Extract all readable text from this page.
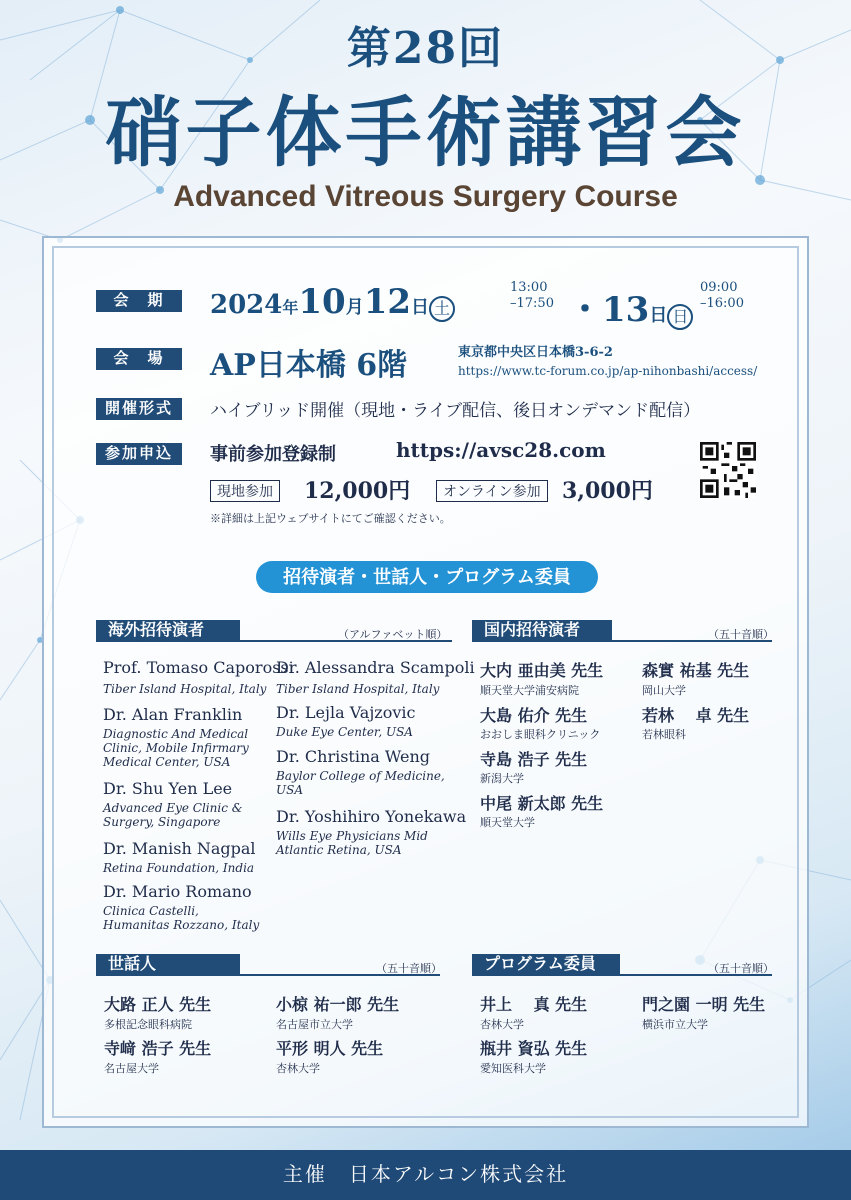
第28回
硝子体手術講習会
Advanced Vitreous Surgery Course
会　期	2024年10月12日 土
13:00
–17:50 ・13日 日
09:00
–16:00
会　場	AP日本橋 6階	東京都中央区日本橋3-6-2
https://www.tc-forum.co.jp/ap-nihonbashi/access/
開催形式	ハイブリッド開催（現地・ライブ配信、後日オンデマンド配信）
参加申込	事前参加登録制	https://avsc28.com
現地参加	12,000円	オンライン参加 3,000円
※詳細は上記ウェブサイトにてご確認ください。
招待演者・世話人・プログラム委員
海外招待演者	（アルファベット順）
Prof. Tomaso Caporossi
Tiber Island Hospital, Italy
Dr. Alan Franklin
Diagnostic And Medical
Clinic, Mobile Infirmary
Medical Center, USA
Dr. Shu Yen Lee
Advanced Eye Clinic &
Surgery, Singapore
Dr. Manish Nagpal
Retina Foundation, India
Dr. Mario Romano
Clinica Castelli,
Humanitas Rozzano, Italy
Dr. Alessandra Scampoli
Tiber Island Hospital, Italy
Dr. Lejla Vajzovic
Duke Eye Center, USA
Dr. Christina Weng
Baylor College of Medicine,
USA
Dr. Yoshihiro Yonekawa
Wills Eye Physicians Mid
Atlantic Retina, USA
国内招待演者	（五十音順）
大内 亜由美 先生
順天堂大学浦安病院
大島 佑介 先生
おおしま眼科クリニック
寺島 浩子 先生
新潟大学
中尾 新太郎 先生
順天堂大学
森實 祐基 先生
岡山大学
若林　 卓 先生
若林眼科
世話人	（五十音順）
大路 正人 先生
多根記念眼科病院
寺﨑 浩子 先生
名古屋大学
小椋 祐一郎 先生
名古屋市立大学
平形 明人 先生
杏林大学
プログラム委員	（五十音順）
井上　 真 先生
杏林大学
瓶井 資弘 先生
愛知医科大学
門之園 一明 先生
横浜市立大学
主催　日本アルコン株式会社
